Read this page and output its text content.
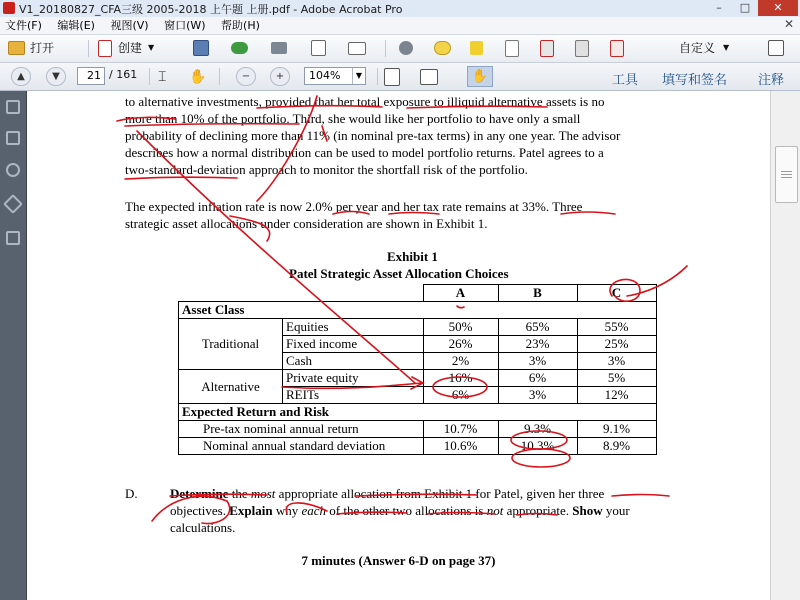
V1_20180827_CFA三级 2005-2018 上午题 上册.pdf - Adobe Acrobat Pro	–	□	✕
文件(F) 编辑(E) 视图(V) 窗口(W) 帮助(H)	✕
打开	创建 ▼	自定义 ▼
▲	▼	21 / 161 ⌶ ✋	−	+	104%	▼	✋	工具 填写和签名 注释
to alternative investments, provided that her total exposure to illiquid alternative assets is no
more than 10% of the portfolio. Third, she would like her portfolio to have only a small
probability of declining more than 11% (in nominal pre-tax terms) in any one year. The advisor
describes how a normal distribution can be used to model portfolio returns. Patel agrees to a
two-standard-deviation approach to monitor the shortfall risk of the portfolio.
The expected inflation rate is now 2.0% per year and her tax rate remains at 33%. Three
strategic asset allocations under consideration are shown in Exhibit 1.
Exhibit 1
Patel Strategic Asset Allocation Choices
		A	B	C
Asset Class				
Traditional	Equities	50%	65%	55%
	Fixed income	26%	23%	25%
	Cash	2%	3%	3%
Alternative	Private equity	16%	6%	5%
	REITs	6%	3%	12%
Expected Return and Risk				
Pre-tax nominal annual return		10.7%	9.3%	9.1%
Nominal annual standard deviation		10.6%	10.3%	8.9%
D. Determine the most appropriate allocation from Exhibit 1 for Patel, given her three
objectives. Explain why each of the other two allocations is not appropriate. Show your
calculations.
7 minutes (Answer 6-D on page 37)
